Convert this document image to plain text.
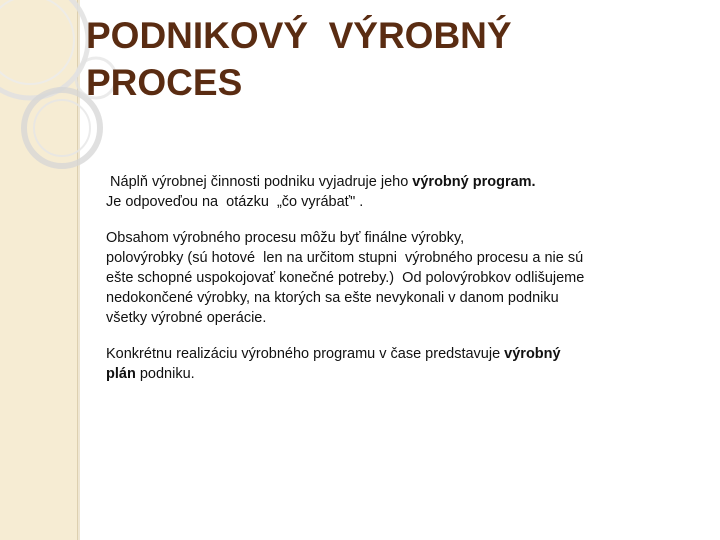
PODNIKOVÝ  VÝROBNÝ
PROCES

Náplň výrobnej činnosti podniku vyjadruje jeho výrobný program.
Je odpoveďou na  otázku  „čo vyrábať" .

Obsahom výrobného procesu môžu byť finálne výrobky,
polovýrobky (sú hotové  len na určitom stupni  výrobného procesu a nie sú
ešte schopné uspokojovať konečné potreby.)  Od polovýrobkov odlišujeme
nedokončené výrobky, na ktorých sa ešte nevykonali v danom podniku
všetky výrobné operácie.

Konkrétnu realizáciu výrobného programu v čase predstavuje výrobný
plán podniku.
